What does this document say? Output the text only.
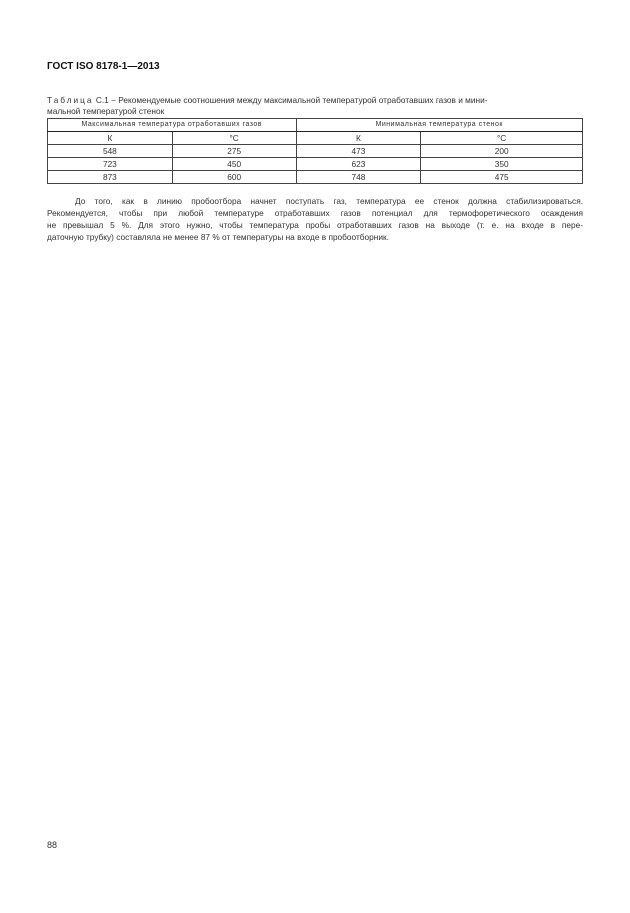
ГОСТ ISO 8178-1—2013
Таблица С.1 − Рекомендуемые соотношения между максимальной температурой отработавших газов и мини-
мальной температурой стенок
Максимальная температура отработавших газов		Минимальная температура стенок	
К	°С	К	°С
548	275	473	200
723	450	623	350
873	600	748	475
До того, как в линию пробоотбора начнет поступать газ, температура ее стенок должна стабилизироваться.
Рекомендуется, чтобы при любой температуре отработавших газов потенциал для термофоретического осаждения
не превышал 5 %. Для этого нужно, чтобы температура пробы отработавших газов на выходе (т. е. на входе в пере-
даточную трубку) составляла не менее 87 % от температуры на входе в пробоотборник.
88
